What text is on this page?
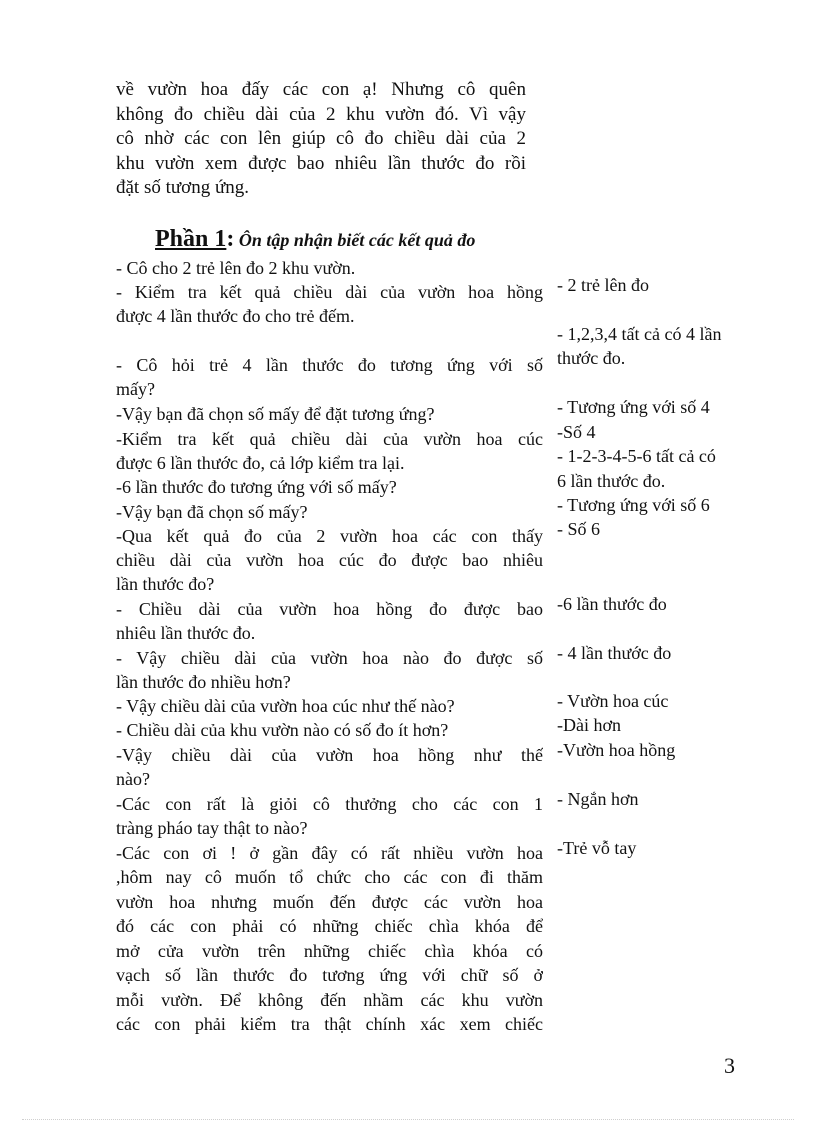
về vườn hoa đấy các con ạ! Nhưng cô quên
không đo chiều dài của 2 khu vườn đó. Vì vậy
cô nhờ các con lên giúp cô đo chiều dài của 2
khu vườn xem được bao nhiêu lần thước đo rồi
đặt số tương ứng.
Phần 1: Ôn tập nhận biết các kết quả đo
- Cô cho 2 trẻ lên đo 2 khu vườn.
- Kiểm tra kết quả chiều dài của vườn hoa hồng
được 4 lần thước đo cho trẻ đếm.
- Cô hỏi trẻ 4 lần thước đo tương ứng với số
mấy?
-Vậy bạn đã chọn số mấy để đặt tương ứng?
-Kiểm tra kết quả chiều dài của vườn hoa cúc
được 6 lần thước đo, cả lớp kiểm tra lại.
-6 lần thước đo tương ứng với số mấy?
-Vậy bạn đã chọn số mấy?
-Qua kết quả đo của 2 vườn hoa các con thấy
chiều dài của vườn hoa cúc đo được bao nhiêu
lần thước đo?
- Chiều dài của vườn hoa hồng đo được bao
nhiêu lần thước đo.
- Vậy chiều dài của vườn hoa nào đo được số
lần thước đo nhiều hơn?
- Vậy chiều dài của vườn hoa cúc như thế nào?
- Chiều dài của khu vườn nào có số đo ít hơn?
-Vậy chiều dài của vườn hoa hồng như thế
nào?
-Các con rất là giỏi cô thưởng cho các con 1
tràng pháo tay thật to nào?
-Các con ơi ! ở gần đây có rất nhiều vườn hoa
,hôm nay cô muốn tổ chức cho các con đi thăm
vườn hoa nhưng muốn đến được các vườn hoa
đó các con phải có những chiếc chìa khóa để
mở cửa vườn trên những chiếc chìa khóa có
vạch số lần thước đo tương ứng với chữ số ở
mỗi vườn. Để không đến nhầm các khu vườn
các con phải kiểm tra thật chính xác xem chiếc
- 2 trẻ lên đo
- 1,2,3,4 tất cả có 4 lần
thước đo.
- Tương ứng với số 4
-Số 4
- 1-2-3-4-5-6 tất cả có
6 lần thước đo.
- Tương ứng với số 6
- Số 6
-6 lần thước đo
- 4 lần thước đo
- Vườn hoa cúc
-Dài hơn
-Vườn hoa hồng
- Ngắn hơn
-Trẻ vỗ tay
3
